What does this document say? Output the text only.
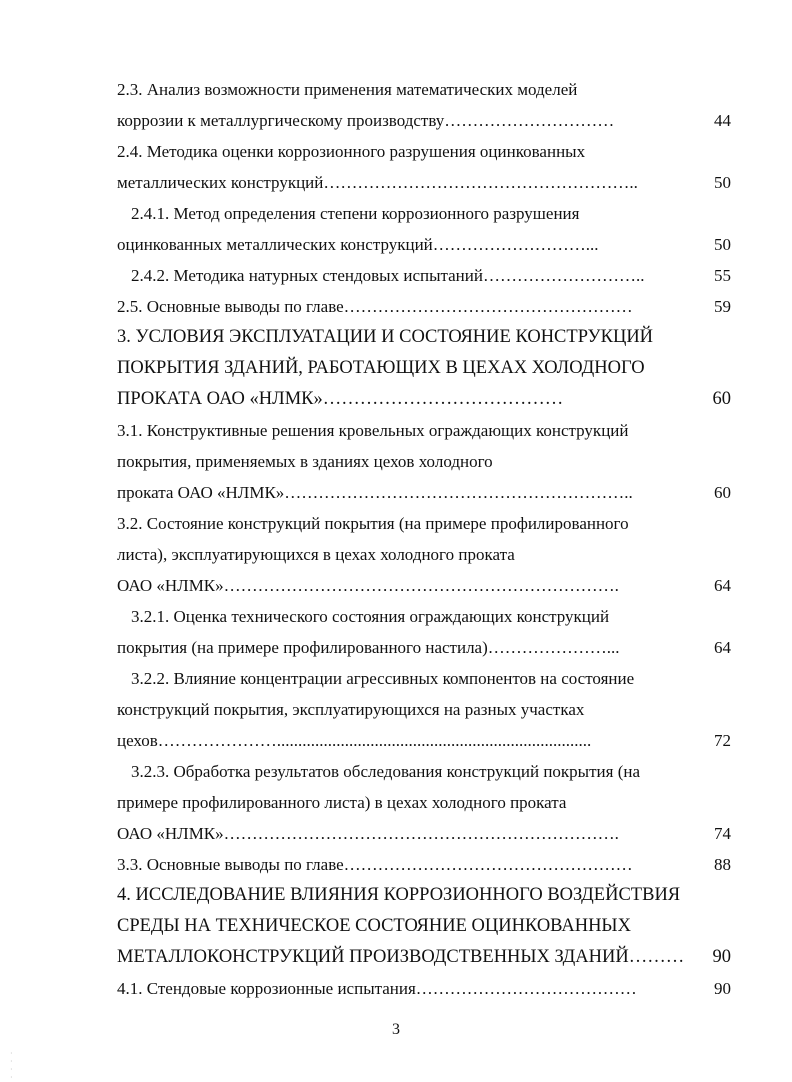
2.3. Анализ возможности применения математических моделей
коррозии к металлургическому производству…………………………	44
2.4. Методика оценки коррозионного разрушения оцинкованных
металлических конструкций………………………………………………..	50
2.4.1. Метод определения степени коррозионного разрушения
оцинкованных металлических конструкций………………………...	50
2.4.2. Методика натурных стендовых испытаний………………………..	55
2.5. Основные выводы по главе……………………………………………	59
3. УСЛОВИЯ ЭКСПЛУАТАЦИИ И СОСТОЯНИЕ КОНСТРУКЦИЙ
ПОКРЫТИЯ ЗДАНИЙ, РАБОТАЮЩИХ В ЦЕХАХ ХОЛОДНОГО
ПРОКАТА ОАО «НЛМК»…………………………………	60
3.1. Конструктивные решения кровельных ограждающих конструкций
покрытия, применяемых в зданиях цехов холодного
проката ОАО «НЛМК»……………………………………………………..	60
3.2. Состояние конструкций покрытия (на примере профилированного
листа), эксплуатирующихся в цехах холодного проката
ОАО «НЛМК»…………………………………………………………….	64
3.2.1. Оценка технического состояния ограждающих конструкций
покрытия (на примере профилированного настила)…………………...	64
3.2.2. Влияние концентрации агрессивных компонентов на состояние
конструкций покрытия, эксплуатирующихся на разных участках
цехов…………………..........................................................................	72
3.2.3. Обработка результатов обследования конструкций покрытия (на
примере профилированного листа) в цехах холодного проката
ОАО «НЛМК»…………………………………………………………….	74
3.3. Основные выводы по главе……………………………………………	88
4. ИССЛЕДОВАНИЕ ВЛИЯНИЯ КОРРОЗИОННОГО ВОЗДЕЙСТВИЯ
СРЕДЫ НА ТЕХНИЧЕСКОЕ СОСТОЯНИЕ ОЦИНКОВАННЫХ
МЕТАЛЛОКОНСТРУКЦИЙ ПРОИЗВОДСТВЕННЫХ ЗДАНИЙ……… 90
4.1. Стендовые коррозионные испытания…………………………………	90
3
·
·
·
·
